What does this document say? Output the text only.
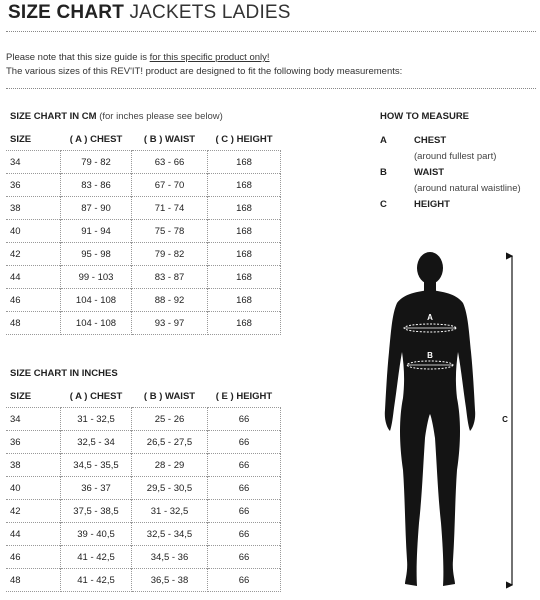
SIZE CHART JACKETS LADIES
Please note that this size guide is for this specific product only!
The various sizes of this REV'IT! product are designed to fit the following body measurements:
SIZE CHART IN CM (for inches please see below)
SIZE	( A ) CHEST	( B ) WAIST	( C ) HEIGHT
34	79 - 82	63 - 66	168
36	83 - 86	67 - 70	168
38	87 - 90	71 - 74	168
40	91 - 94	75 - 78	168
42	95 - 98	79 - 82	168
44	99 - 103	83 - 87	168
46	104 - 108	88 - 92	168
48	104 - 108	93 - 97	168
SIZE CHART IN INCHES
SIZE	( A ) CHEST	( B ) WAIST	( E ) HEIGHT
34	31 - 32,5	25 - 26	66
36	32,5 - 34	26,5 - 27,5	66
38	34,5 - 35,5	28 - 29	66
40	36 - 37	29,5 - 30,5	66
42	37,5 - 38,5	31 - 32,5	66
44	39 - 40,5	32,5 - 34,5	66
46	41 - 42,5	34,5 - 36	66
48	41 - 42,5	36,5 - 38	66
HOW TO MEASURE
A	CHEST
(around fullest part)
B	WAIST
(around natural waistline)
C	HEIGHT
A
B
C
